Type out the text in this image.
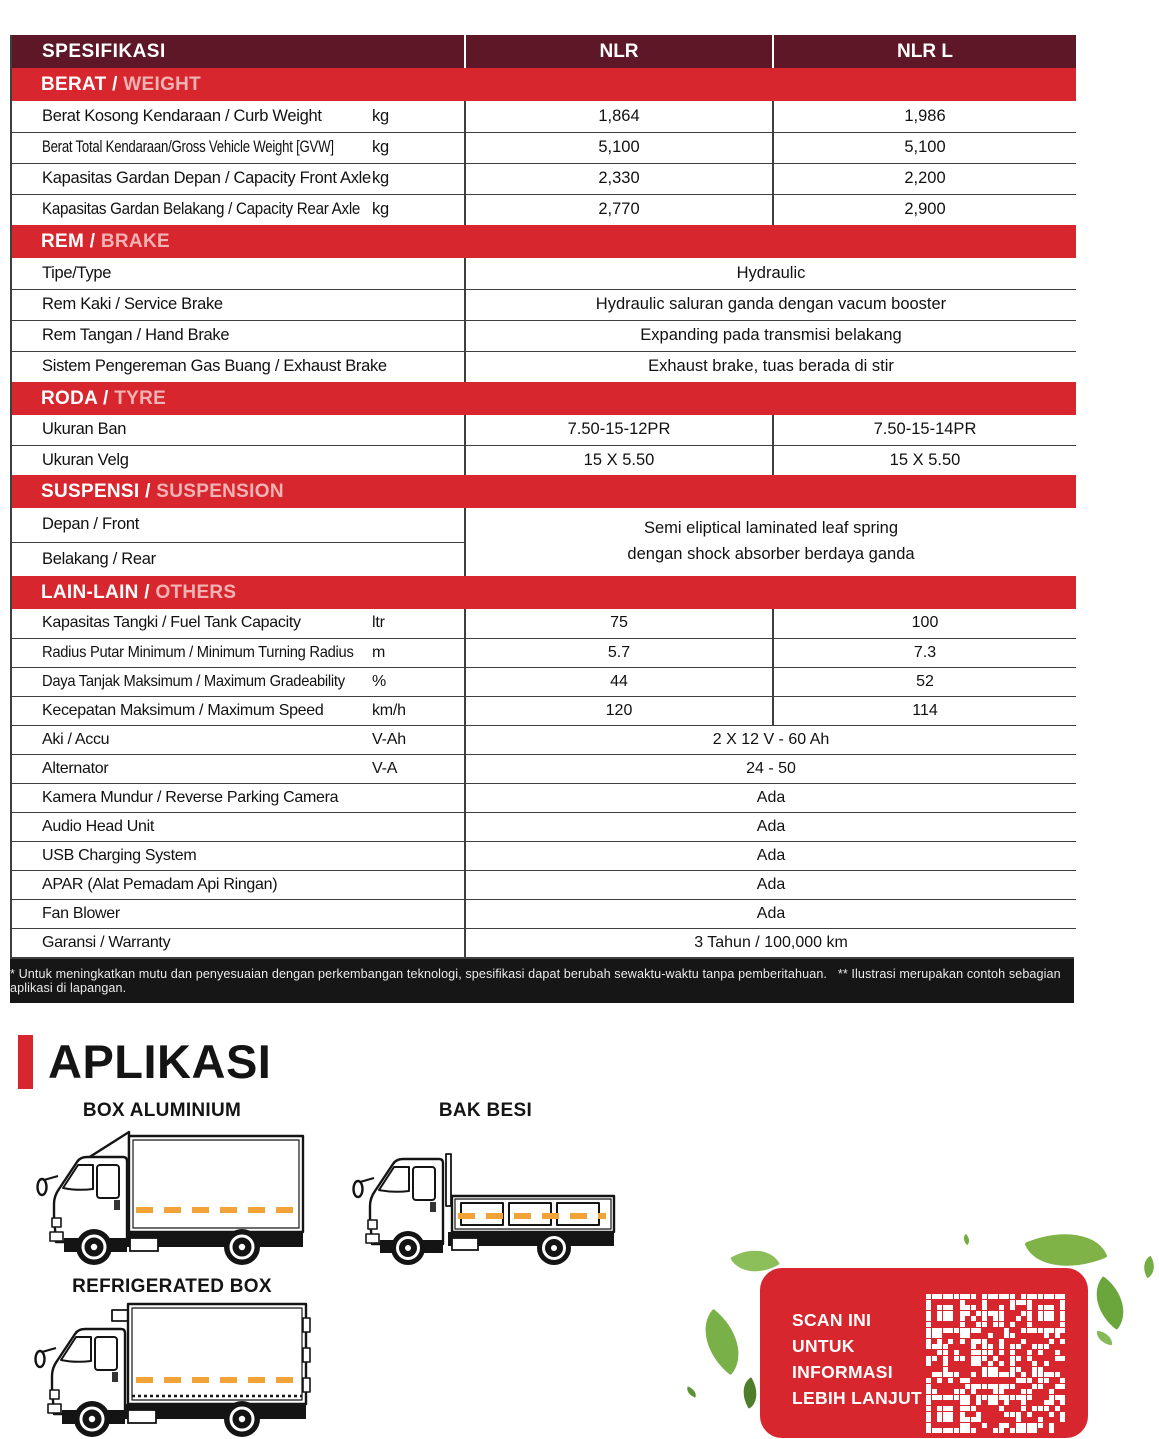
SPESIFIKASI		NLR	NLR L
BERAT / WEIGHT			
Berat Kosong Kendaraan / Curb Weight	kg	1,864	1,986
Berat Total Kendaraan/Gross Vehicle Weight [GVW]	kg	5,100	5,100
Kapasitas Gardan Depan / Capacity Front Axle	kg	2,330	2,200
Kapasitas Gardan Belakang / Capacity Rear Axle	kg	2,770	2,900
REM / BRAKE			
Tipe/Type		Hydraulic	
Rem Kaki / Service Brake		Hydraulic saluran ganda dengan vacum booster	
Rem Tangan / Hand Brake		Expanding pada transmisi belakang	
Sistem Pengereman Gas Buang / Exhaust Brake		Exhaust brake, tuas berada di stir	
RODA / TYRE			
Ukuran Ban		7.50-15-12PR	7.50-15-14PR
Ukuran Velg		15 X 5.50	15 X 5.50
SUSPENSI / SUSPENSION			
Depan / Front		Semi eliptical laminated leaf spring
dengan shock absorber berdaya ganda	

Belakang / Rear			
LAIN-LAIN / OTHERS			
Kapasitas Tangki / Fuel Tank Capacity	ltr	75	100
Radius Putar Minimum / Minimum Turning Radius	m	5.7	7.3
Daya Tanjak Maksimum / Maximum Gradeability	%	44	52
Kecepatan Maksimum / Maximum Speed	km/h	120	114
Aki / Accu	V-Ah	2 X 12 V - 60 Ah	
Alternator	V-A	24 - 50	
Kamera Mundur / Reverse Parking Camera		Ada	
Audio Head Unit		Ada	
USB Charging System		Ada	
APAR (Alat Pemadam Api Ringan)		Ada	
Fan Blower		Ada	
Garansi / Warranty		3 Tahun / 100,000 km	
* Untuk meningkatkan mutu dan penyesuaian dengan perkembangan teknologi, spesifikasi dapat berubah sewaktu-waktu tanpa pemberitahuan.   ** Ilustrasi merupakan contoh sebagian aplikasi di lapangan.
APLIKASI
BOX ALUMINIUM	BAK BESI
REFRIGERATED BOX
SCAN INI
UNTUK
INFORMASI
LEBIH LANJUT
